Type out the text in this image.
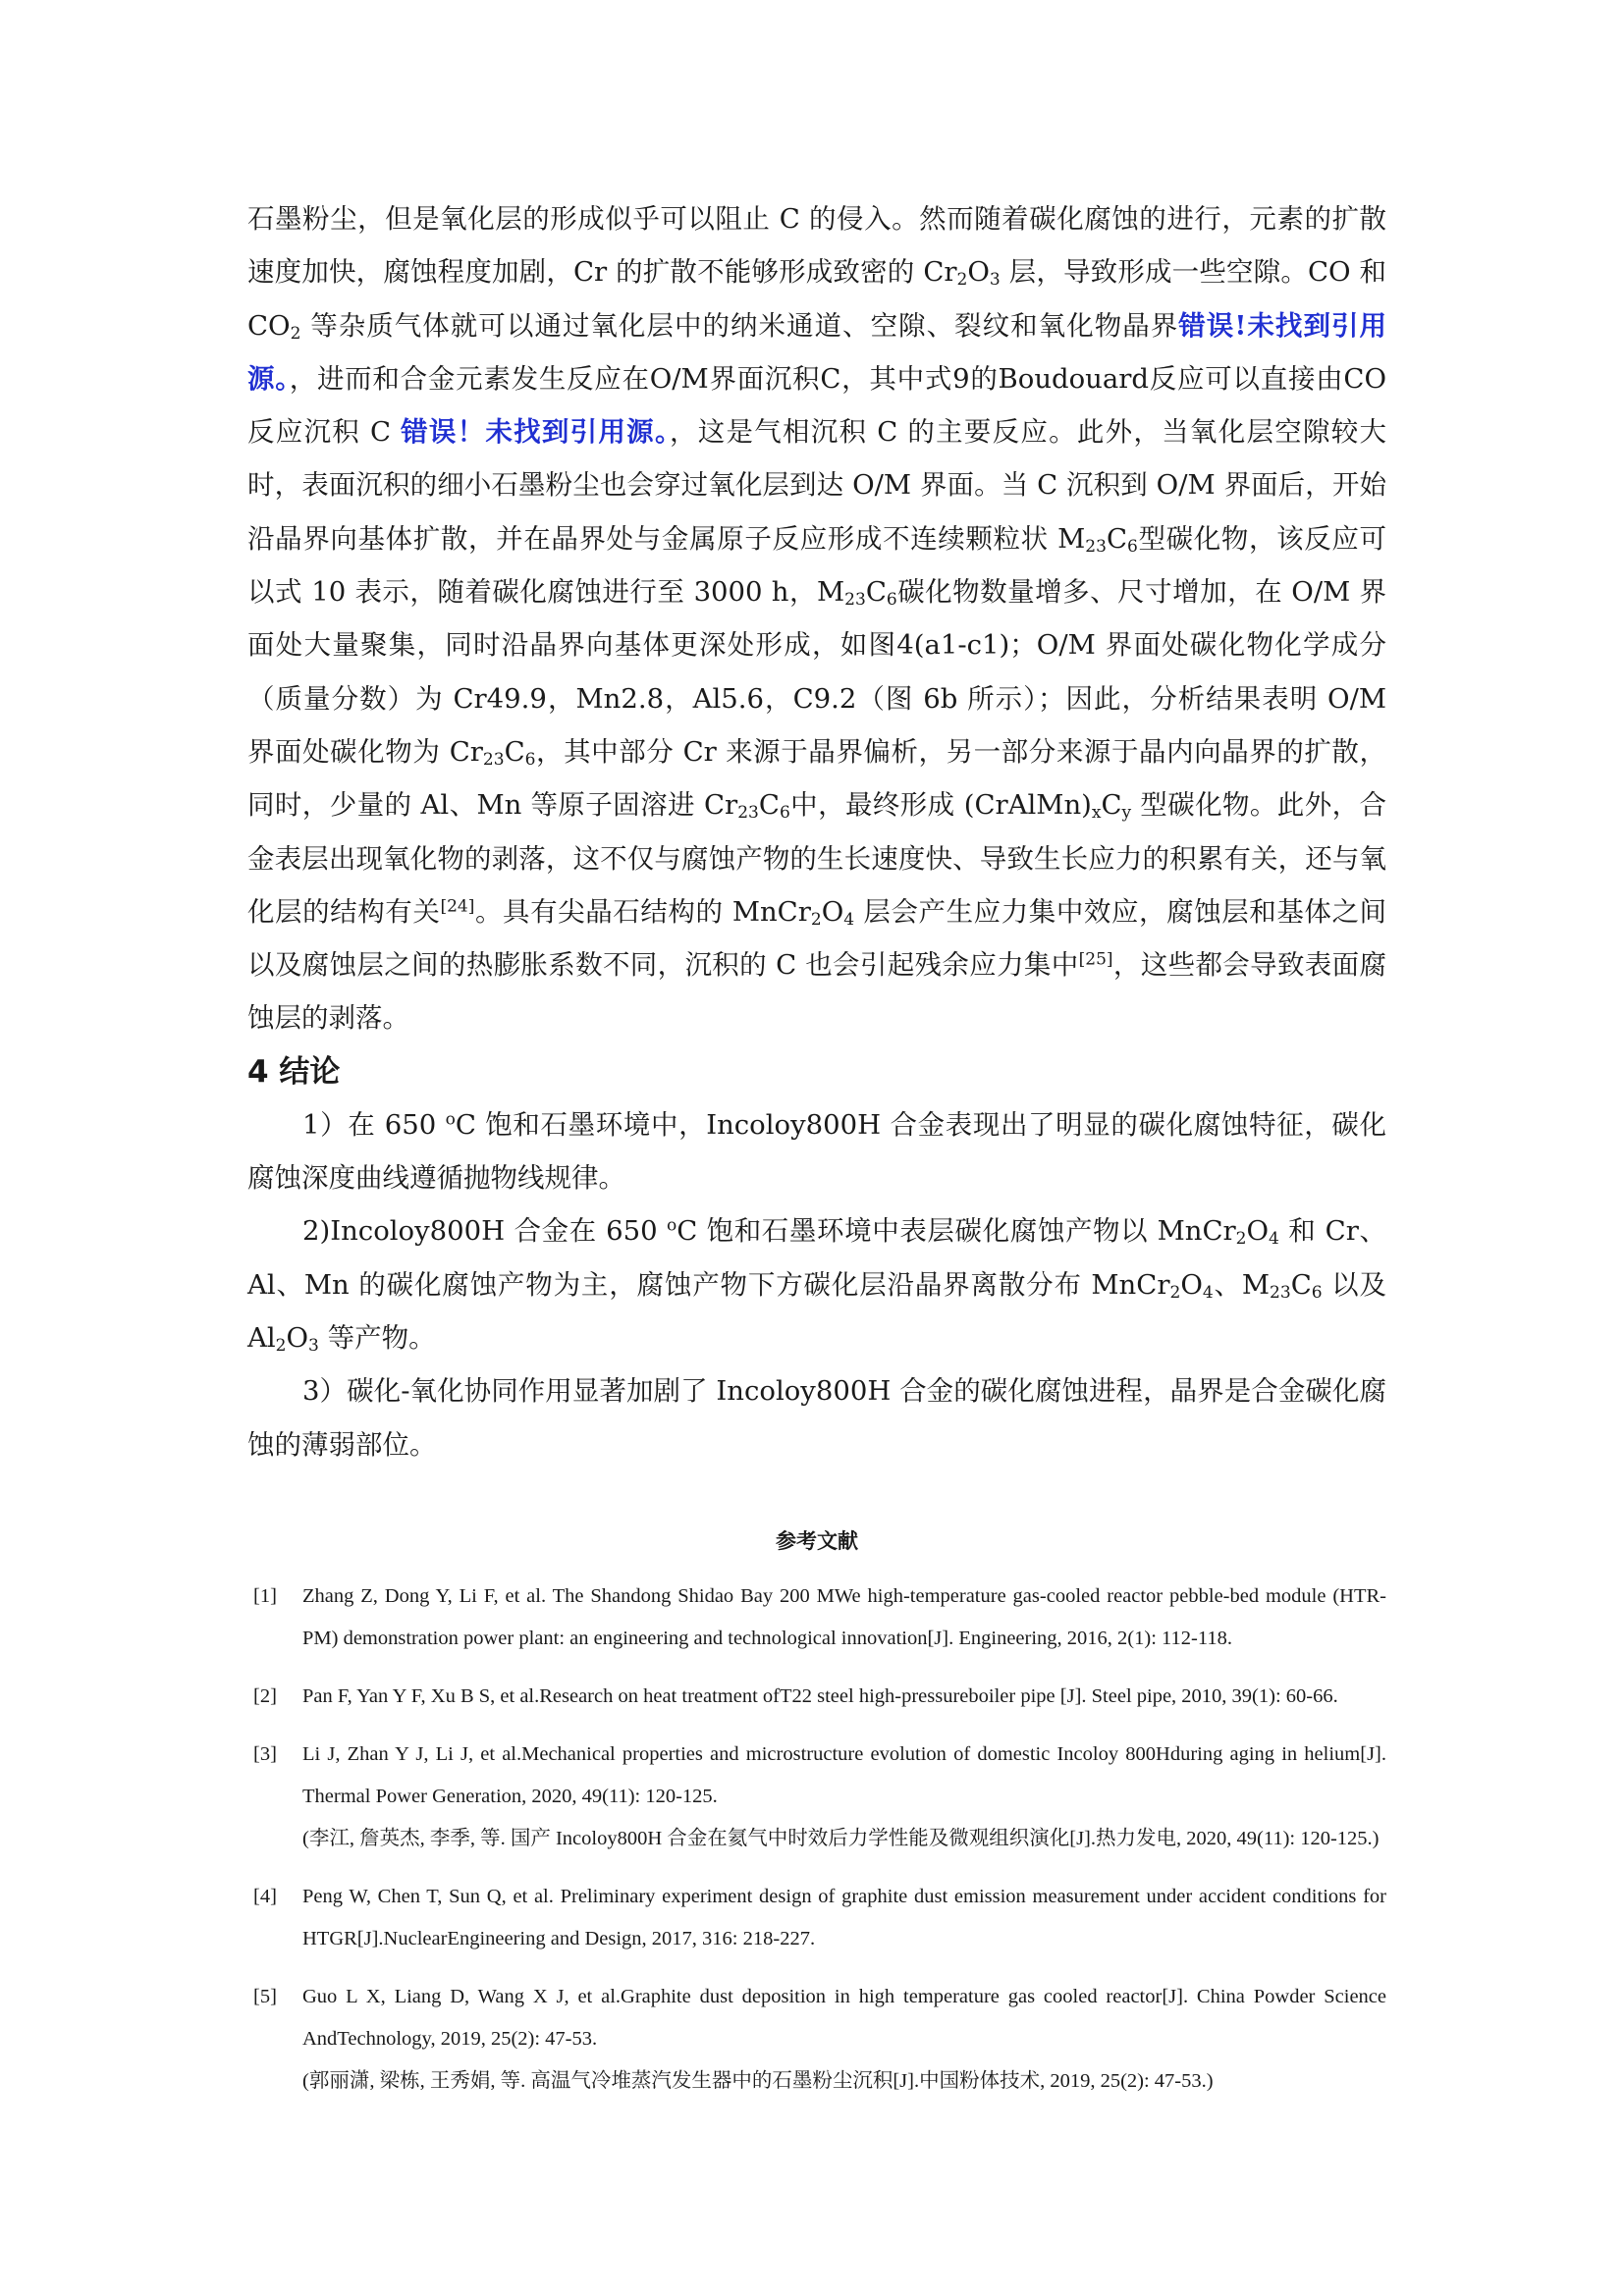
石墨粉尘，但是氧化层的形成似乎可以阻止 C 的侵入。然而随着碳化腐蚀的进行，元素的扩散速度加快，腐蚀程度加剧，Cr 的扩散不能够形成致密的 $Cr_2O_3$ 层，导致形成一些空隙。CO 和 $CO_2$ 等杂质气体就可以通过氧化层中的纳米通道、空隙、裂纹和氧化物晶界错误!未找到引用源。，进而和合金元素发生反应在O/M界面沉积C，其中式9的Boudouard反应可以直接由CO 反应沉积 C 错误！未找到引用源。，这是气相沉积 C 的主要反应。此外，当氧化层空隙较大时，表面沉积的细小石墨粉尘也会穿过氧化层到达 O/M 界面。当 C 沉积到 O/M 界面后，开始沿晶界向基体扩散，并在晶界处与金属原子反应形成不连续颗粒状 $M_{23}C_6$型碳化物，该反应可以式 10 表示，随着碳化腐蚀进行至 3000 h，$M_{23}C_6$碳化物数量增多、尺寸增加，在 O/M 界面处大量聚集，同时沿晶界向基体更深处形成，如图4(a1-c1)；O/M 界面处碳化物化学成分（质量分数）为 Cr49.9，Mn2.8，Al5.6，C9.2（图 6b 所示）；因此，分析结果表明 O/M 界面处碳化物为 $Cr_{23}C_6$，其中部分 Cr 来源于晶界偏析，另一部分来源于晶内向晶界的扩散，同时，少量的 Al、Mn 等原子固溶进 $Cr_{23}C_6$中，最终形成 $(CrAlMn)_xC_y$ 型碳化物。此外，合金表层出现氧化物的剥落，这不仅与腐蚀产物的生长速度快、导致生长应力的积累有关，还与氧化层的结构有关[24]。具有尖晶石结构的 $MnCr_2O_4$ 层会产生应力集中效应，腐蚀层和基体之间以及腐蚀层之间的热膨胀系数不同，沉积的 C 也会引起残余应力集中[25]，这些都会导致表面腐蚀层的剥落。

4 结论

1）在 650 $^o$C 饱和石墨环境中，Incoloy800H 合金表现出了明显的碳化腐蚀特征，碳化腐蚀深度曲线遵循抛物线规律。

2)Incoloy800H 合金在 650 $^o$C 饱和石墨环境中表层碳化腐蚀产物以 $MnCr_2O_4$ 和 Cr、Al、Mn 的碳化腐蚀产物为主，腐蚀产物下方碳化层沿晶界离散分布 $MnCr_2O_4$、$M_{23}C_6$ 以及 $Al_2O_3$ 等产物。

3）碳化-氧化协同作用显著加剧了 Incoloy800H 合金的碳化腐蚀进程，晶界是合金碳化腐蚀的薄弱部位。

参考文献
[1]	Zhang Z, Dong Y, Li F, et al. The Shandong Shidao Bay 200 MWe high-temperature gas-cooled reactor pebble-bed module (HTR-PM) demonstration power plant: an engineering and technological innovation[J]. Engineering, 2016, 2(1): 112-118.
[2]	Pan F, Yan Y F, Xu B S, et al.Research on heat treatment ofT22 steel high-pressureboiler pipe [J]. Steel pipe, 2010, 39(1): 60-66.
[3]	Li J, Zhan Y J, Li J, et al.Mechanical properties and microstructure evolution of domestic Incoloy 800Hduring aging in helium[J]. Thermal Power Generation, 2020, 49(11): 120-125.
(李江, 詹英杰, 李季, 等. 国产 Incoloy800H 合金在氦气中时效后力学性能及微观组织演化[J].热力发电, 2020, 49(11): 120-125.)
[4]	Peng W, Chen T, Sun Q, et al. Preliminary experiment design of graphite dust emission measurement under accident conditions for HTGR[J].NuclearEngineering and Design, 2017, 316: 218-227.
[5]	Guo L X, Liang D, Wang X J, et al.Graphite dust deposition in high temperature gas cooled reactor[J]. China Powder Science AndTechnology, 2019, 25(2): 47-53.
(郭丽潇, 梁栋, 王秀娟, 等. 高温气冷堆蒸汽发生器中的石墨粉尘沉积[J].中国粉体技术, 2019, 25(2): 47-53.)
